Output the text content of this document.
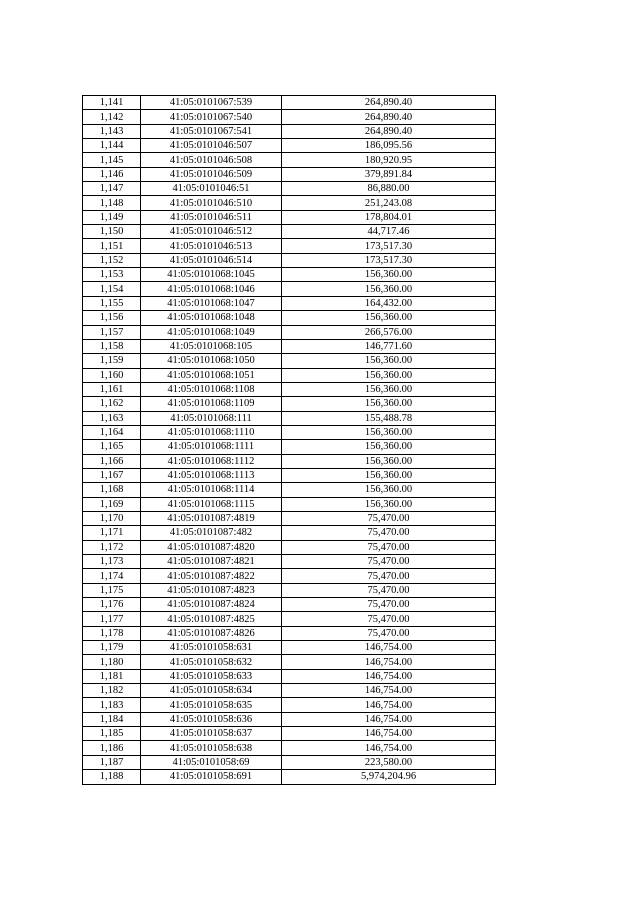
1,141	41:05:0101067:539	264,890.40
1,142	41:05:0101067:540	264,890.40
1,143	41:05:0101067:541	264,890.40
1,144	41:05:0101046:507	186,095.56
1,145	41:05:0101046:508	180,920.95
1,146	41:05:0101046:509	379,891.84
1,147	41:05:0101046:51	86,880.00
1,148	41:05:0101046:510	251,243.08
1,149	41:05:0101046:511	178,804.01
1,150	41:05:0101046:512	44,717.46
1,151	41:05:0101046:513	173,517.30
1,152	41:05:0101046:514	173,517.30
1,153	41:05:0101068:1045	156,360.00
1,154	41:05:0101068:1046	156,360.00
1,155	41:05:0101068:1047	164,432.00
1,156	41:05:0101068:1048	156,360.00
1,157	41:05:0101068:1049	266,576.00
1,158	41:05:0101068:105	146,771.60
1,159	41:05:0101068:1050	156,360.00
1,160	41:05:0101068:1051	156,360.00
1,161	41:05:0101068:1108	156,360.00
1,162	41:05:0101068:1109	156,360.00
1,163	41:05:0101068:111	155,488.78
1,164	41:05:0101068:1110	156,360.00
1,165	41:05:0101068:1111	156,360.00
1,166	41:05:0101068:1112	156,360.00
1,167	41:05:0101068:1113	156,360.00
1,168	41:05:0101068:1114	156,360.00
1,169	41:05:0101068:1115	156,360.00
1,170	41:05:0101087:4819	75,470.00
1,171	41:05:0101087:482	75,470.00
1,172	41:05:0101087:4820	75,470.00
1,173	41:05:0101087:4821	75,470.00
1,174	41:05:0101087:4822	75,470.00
1,175	41:05:0101087:4823	75,470.00
1,176	41:05:0101087:4824	75,470.00
1,177	41:05:0101087:4825	75,470.00
1,178	41:05:0101087:4826	75,470.00
1,179	41:05:0101058:631	146,754.00
1,180	41:05:0101058:632	146,754.00
1,181	41:05:0101058:633	146,754.00
1,182	41:05:0101058:634	146,754.00
1,183	41:05:0101058:635	146,754.00
1,184	41:05:0101058:636	146,754.00
1,185	41:05:0101058:637	146,754.00
1,186	41:05:0101058:638	146,754.00
1,187	41:05:0101058:69	223,580.00
1,188	41:05:0101058:691	5,974,204.96
